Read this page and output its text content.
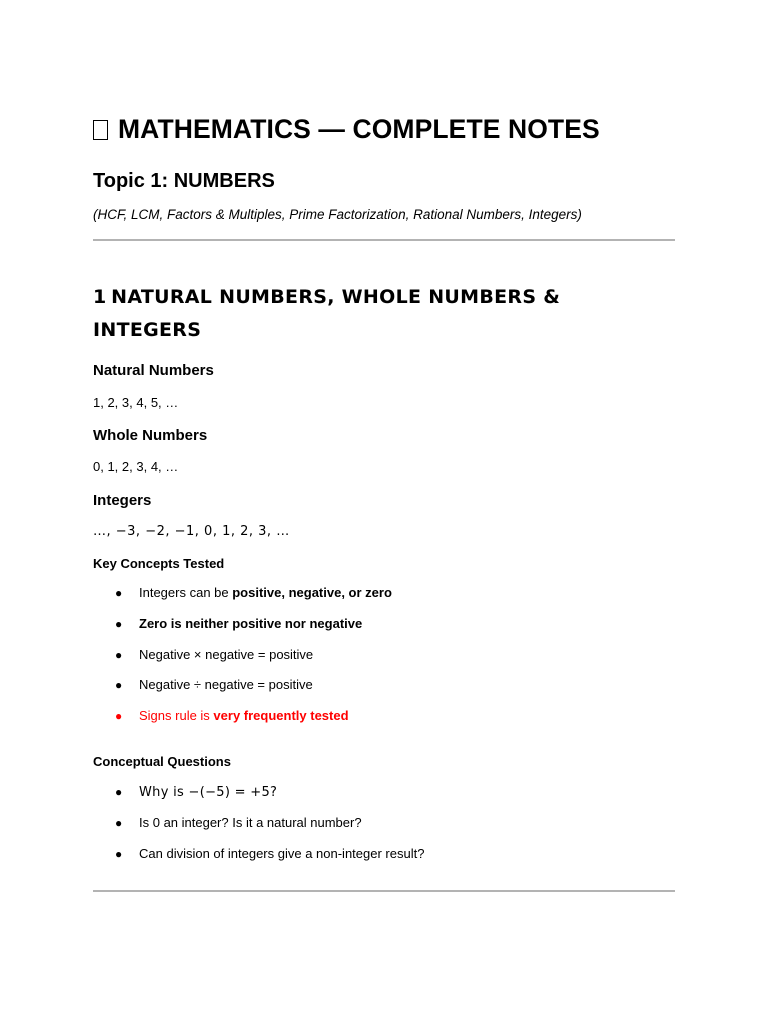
MATHEMATICS — COMPLETE NOTES
Topic 1: NUMBERS

(HCF, LCM, Factors & Multiples, Prime Factorization, Rational Numbers, Integers)

1 NATURAL NUMBERS, WHOLE NUMBERS & INTEGERS
Natural Numbers

1, 2, 3, 4, 5, …

Whole Numbers

0, 1, 2, 3, 4, …

Integers

…, −3, −2, −1, 0, 1, 2, 3, …

Key Concepts Tested

● Integers can be positive, negative, or zero

● Zero is neither positive nor negative

● Negative × negative = positive

● Negative ÷ negative = positive

● Signs rule is very frequently tested

Conceptual Questions

● Why is −(−5) = +5?

● Is 0 an integer? Is it a natural number?

● Can division of integers give a non-integer result?
